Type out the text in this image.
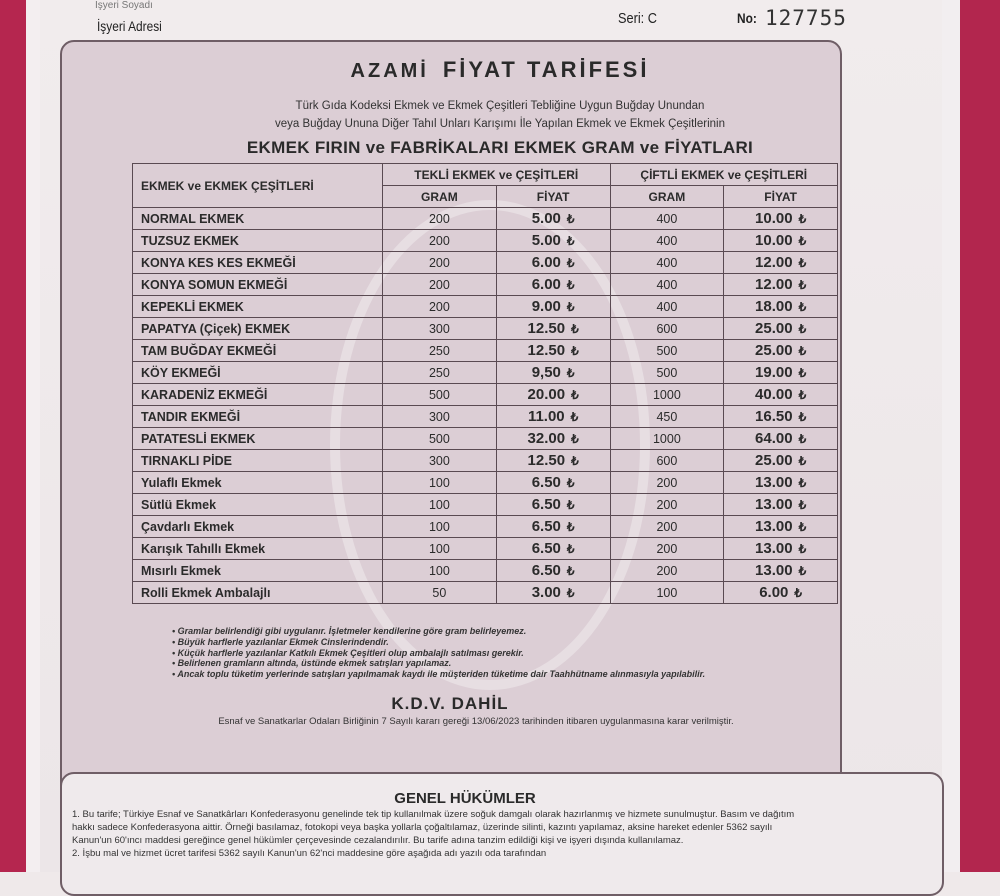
İşyeri Soyadı
İşyeri Adresi	Seri: C	No: 127755
AZAMİ FİYAT TARİFESİ
Türk Gıda Kodeksi Ekmek ve Ekmek Çeşitleri Tebliğine Uygun Buğday Unundan
veya Buğday Ununa Diğer Tahıl Unları Karışımı İle Yapılan Ekmek ve Ekmek Çeşitlerinin
EKMEK FIRIN ve FABRİKALARI EKMEK GRAM ve FİYATLARI
EKMEK ve EKMEK ÇEŞİTLERİ	TEKLİ EKMEK ve ÇEŞİTLERİ		ÇİFTLİ EKMEK ve ÇEŞİTLERİ	
	GRAM	FİYAT	GRAM	FİYAT
NORMAL EKMEK	200	5.00 ₺	400	10.00 ₺
TUZSUZ EKMEK	200	5.00 ₺	400	10.00 ₺
KONYA KES KES EKMEĞİ	200	6.00 ₺	400	12.00 ₺
KONYA SOMUN EKMEĞİ	200	6.00 ₺	400	12.00 ₺
KEPEKLİ EKMEK	200	9.00 ₺	400	18.00 ₺
PAPATYA (Çiçek) EKMEK	300	12.50 ₺	600	25.00 ₺
TAM BUĞDAY EKMEĞİ	250	12.50 ₺	500	25.00 ₺
KÖY EKMEĞİ	250	9,50 ₺	500	19.00 ₺
KARADENİZ EKMEĞİ	500	20.00 ₺	1000	40.00 ₺
TANDIR EKMEĞİ	300	11.00 ₺	450	16.50 ₺
PATATESLİ EKMEK	500	32.00 ₺	1000	64.00 ₺
TIRNAKLI PİDE	300	12.50 ₺	600	25.00 ₺
Yulaflı Ekmek	100	6.50 ₺	200	13.00 ₺
Sütlü Ekmek	100	6.50 ₺	200	13.00 ₺
Çavdarlı Ekmek	100	6.50 ₺	200	13.00 ₺
Karışık Tahıllı Ekmek	100	6.50 ₺	200	13.00 ₺
Mısırlı Ekmek	100	6.50 ₺	200	13.00 ₺
Rolli Ekmek Ambalajlı	50	3.00 ₺	100	6.00 ₺
• Gramlar belirlendiği gibi uygulanır. İşletmeler kendilerine göre gram belirleyemez.
• Büyük harflerle yazılanlar Ekmek Cinslerindendir.
• Küçük harflerle yazılanlar Katkılı Ekmek Çeşitleri olup ambalajlı satılması gerekir.
• Belirlenen gramların altında, üstünde ekmek satışları yapılamaz.
• Ancak toplu tüketim yerlerinde satışları yapılmamak kaydı ile müşteriden tüketime dair Taahhütname alınmasıyla yapılabilir.
K.D.V. DAHİL
Esnaf ve Sanatkarlar Odaları Birliğinin 7 Sayılı kararı gereği 13/06/2023 tarihinden itibaren uygulanmasına karar verilmiştir.
GENEL HÜKÜMLER
1. Bu tarife; Türkiye Esnaf ve Sanatkârları Konfederasyonu genelinde tek tip kullanılmak üzere soğuk damgalı olarak hazırlanmış ve hizmete sunulmuştur. Basım ve dağıtım
hakkı sadece Konfederasyona aittir. Örneği basılamaz, fotokopi veya başka yollarla çoğaltılamaz, üzerinde silinti, kazıntı yapılamaz, aksine hareket edenler 5362 sayılı
Kanun'un 60'ıncı maddesi gereğince genel hükümler çerçevesinde cezalandırılır. Bu tarife adına tanzim edildiği kişi ve işyeri dışında kullanılamaz.
2. İşbu mal ve hizmet ücret tarifesi 5362 sayılı Kanun'un 62'nci maddesine göre aşağıda adı yazılı oda tarafından
